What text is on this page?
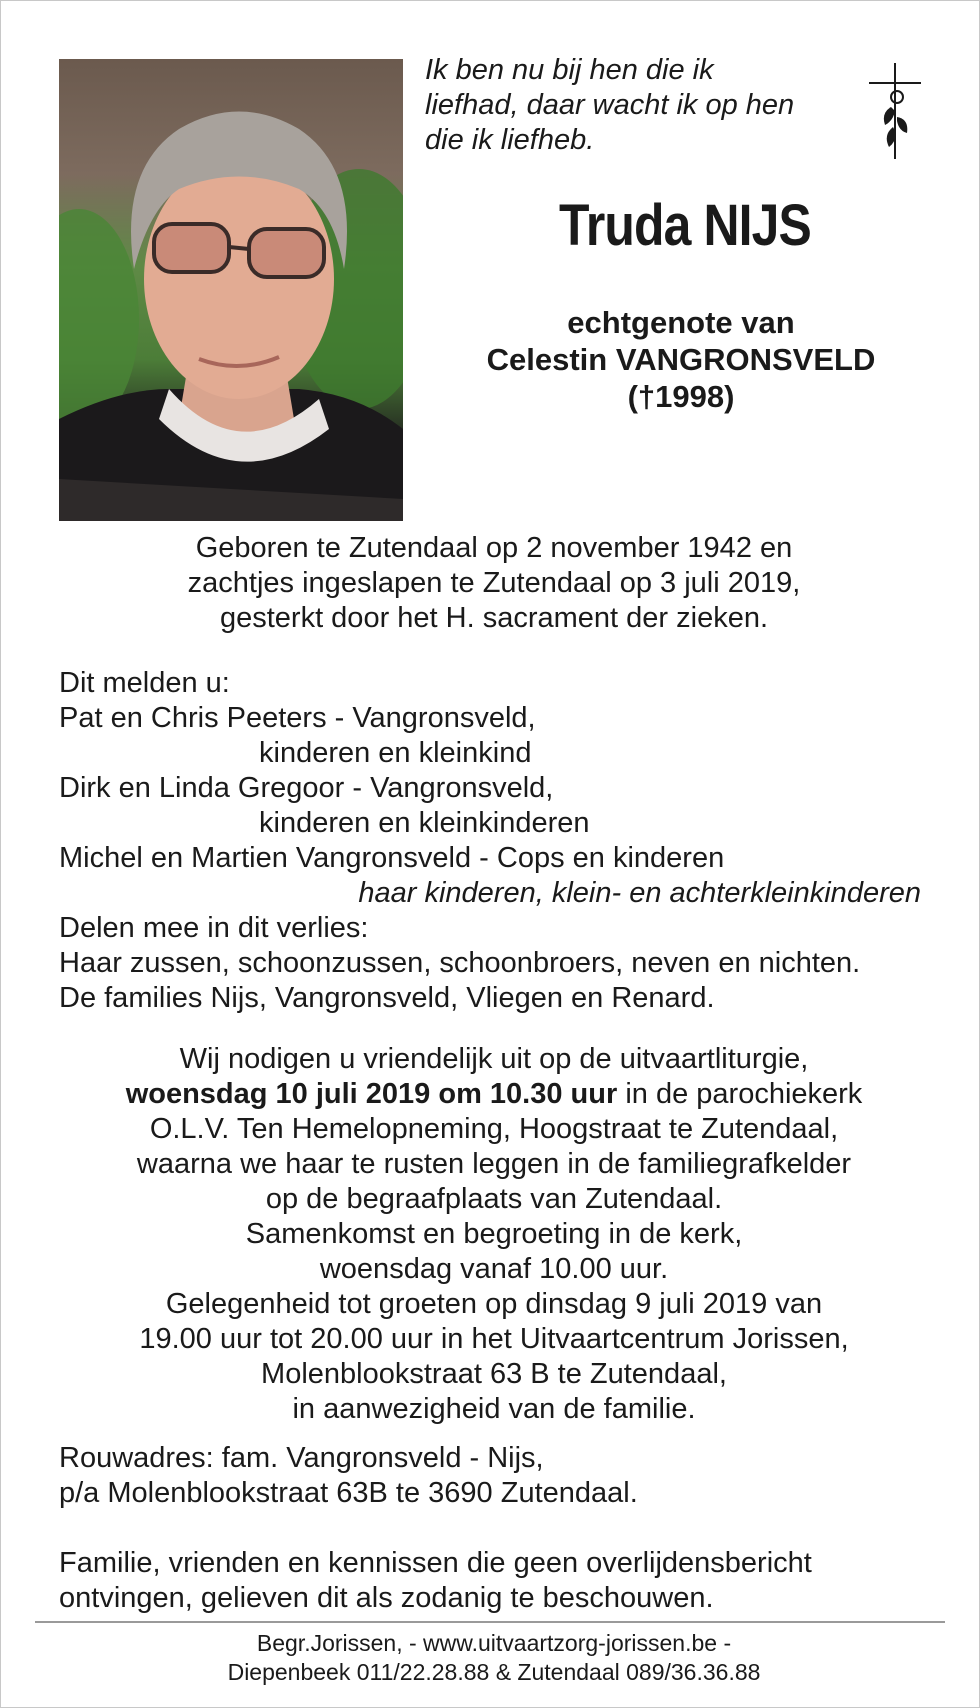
Ik ben nu bij hen die ik
liefhad, daar wacht ik op hen
die ik liefheb.
Truda NIJS
echtgenote van
Celestin VANGRONSVELD
(†1998)
Geboren te Zutendaal op 2 november 1942 en
zachtjes ingeslapen te Zutendaal op 3 juli 2019,
gesterkt door het H. sacrament der zieken.
Dit melden u:
Pat en Chris Peeters - Vangronsveld,
kinderen en kleinkind
Dirk en Linda Gregoor - Vangronsveld,
kinderen en kleinkinderen
Michel en Martien Vangronsveld - Cops en kinderen
haar kinderen, klein- en achterkleinkinderen
Delen mee in dit verlies:
Haar zussen, schoonzussen, schoonbroers, neven en nichten.
De families Nijs, Vangronsveld, Vliegen en Renard.
Wij nodigen u vriendelijk uit op de uitvaartliturgie,
woensdag 10 juli 2019 om 10.30 uur in de parochiekerk
O.L.V. Ten Hemelopneming, Hoogstraat te Zutendaal,
waarna we haar te rusten leggen in de familiegrafkelder
op de begraafplaats van Zutendaal.
Samenkomst en begroeting in de kerk,
woensdag vanaf 10.00 uur.
Gelegenheid tot groeten op dinsdag 9 juli 2019 van
19.00 uur tot 20.00 uur in het Uitvaartcentrum Jorissen,
Molenblookstraat 63 B te Zutendaal,
in aanwezigheid van de familie.
Rouwadres: fam. Vangronsveld - Nijs,
p/a Molenblookstraat 63B te 3690 Zutendaal.
Familie, vrienden en kennissen die geen overlijdensbericht
ontvingen, gelieven dit als zodanig te beschouwen.
Begr.Jorissen, - www.uitvaartzorg-jorissen.be -
Diepenbeek 011/22.28.88 & Zutendaal 089/36.36.88
